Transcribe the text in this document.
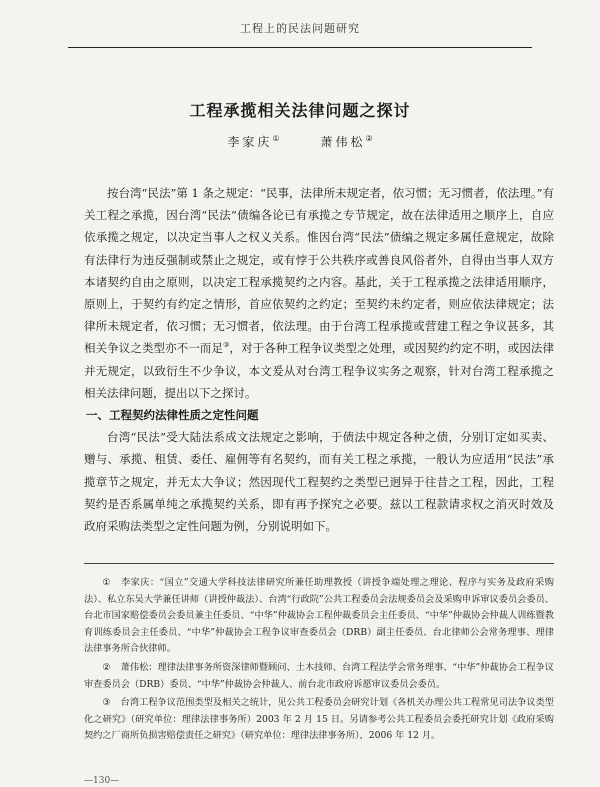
工程上的民法问题研究
工程承揽相关法律问题之探讨
李家庆①	萧伟松②

按台湾“民法”第 1 条之规定：“民事，法律所未规定者，依习惯；无习惯者，依法理。”有关工程之承揽，因台湾“民法”债编各论已有承揽之专节规定，故在法律适用之顺序上，自应依承揽之规定，以决定当事人之权义关系。惟因台湾“民法”债编之规定多属任意规定，故除有法律行为违反强制或禁止之规定，或有悖于公共秩序或善良风俗者外，自得由当事人双方本诸契约自由之原则，以决定工程承揽契约之内容。基此，关于工程承揽之法律适用顺序，原则上，于契约有约定之情形，首应依契约之约定；至契约未约定者，则应依法律规定；法律所未规定者，依习惯；无习惯者，依法理。由于台湾工程承揽或营建工程之争议甚多，其相关争议之类型亦不一而足③，对于各种工程争议类型之处理，或因契约约定不明，或因法律并无规定，以致衍生不少争议，本文爰从对台湾工程争议实务之观察，针对台湾工程承揽之相关法律问题，提出以下之探讨。

一、工程契约法律性质之定性问题

台湾“民法”受大陆法系成文法规定之影响，于债法中规定各种之债，分别订定如买卖、赠与、承揽、租赁、委任、雇佣等有名契约，而有关工程之承揽，一般认为应适用“民法”承揽章节之规定，并无太大争议；然因现代工程契约之类型已迥异于往昔之工程，因此，工程契约是否系属单纯之承揽契约关系，即有再予探究之必要。兹以工程款请求权之消灭时效及政府采购法类型之定性问题为例，分别说明如下。

① 李家庆：“国立”交通大学科技法律研究所兼任助理教授（讲授争端处理之理论、程序与实务及政府采购法）、私立东吴大学兼任讲师（讲授仲裁法）、台湾“行政院”公共工程委员会法规委员会及采购申诉审议委员会委员、台北市国家赔偿委员会委员兼主任委员、“中华”仲裁协会工程仲裁委员会主任委员、“中华”仲裁协会仲裁人训练暨教育训练委员会主任委员、“中华”仲裁协会工程争议审查委员会（DRB）副主任委员、台北律师公会常务理事、理律法律事务所合伙律师。

② 萧伟松：理律法律事务所资深律师暨顾问、土木技师、台湾工程法学会常务理事、“中华”仲裁协会工程争议审查委员会（DRB）委员、“中华”仲裁协会仲裁人、前台北市政府诉愿审议委员会委员。

③ 台湾工程争议范围类型及相关之统计，见公共工程委员会研究计划《各机关办理公共工程常见司法争议类型化之研究》（研究单位：理律法律事务所）2003 年 2 月 15 日。另请参考公共工程委员会委托研究计划《政府采购契约之厂商所负损害赔偿责任之研究》（研究单位：理律法律事务所），2006 年 12 月。

—130—
